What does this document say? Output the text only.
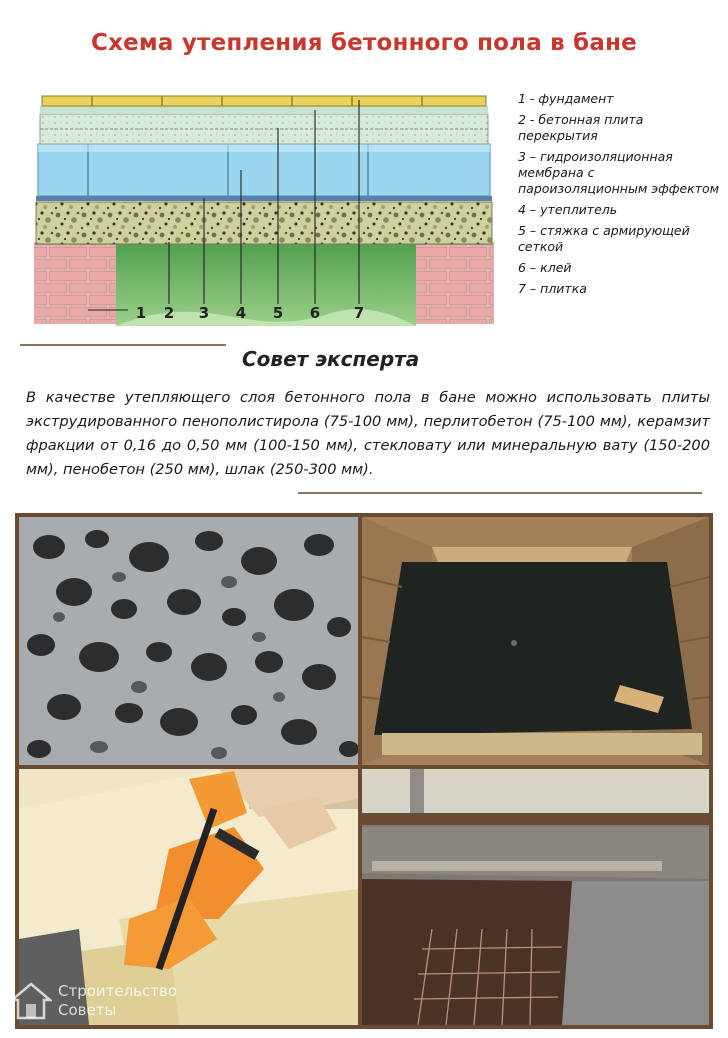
Схема утепления бетонного пола в бане
1 2 3 4 5 6 7
1 - фундамент
2 - бетонная плита перекрытия
3 – гидроизоляционная мембрана с пароизоляционным эффектом
4 – утеплитель
5 – стяжка с армирующей сеткой
6 – клей
7 – плитка
Совет эксперта
В качестве утепляющего слоя бетонного пола в бане можно использовать плиты экструдированного пенополистирола (75-100 мм), перлитобетон (75-100 мм), керамзит фракции от 0,16 до 0,50 мм (100-150 мм), стекловату или минеральную вату (150-200 мм), пенобетон (250 мм), шлак (250-300 мм).
Строительство
Советы
